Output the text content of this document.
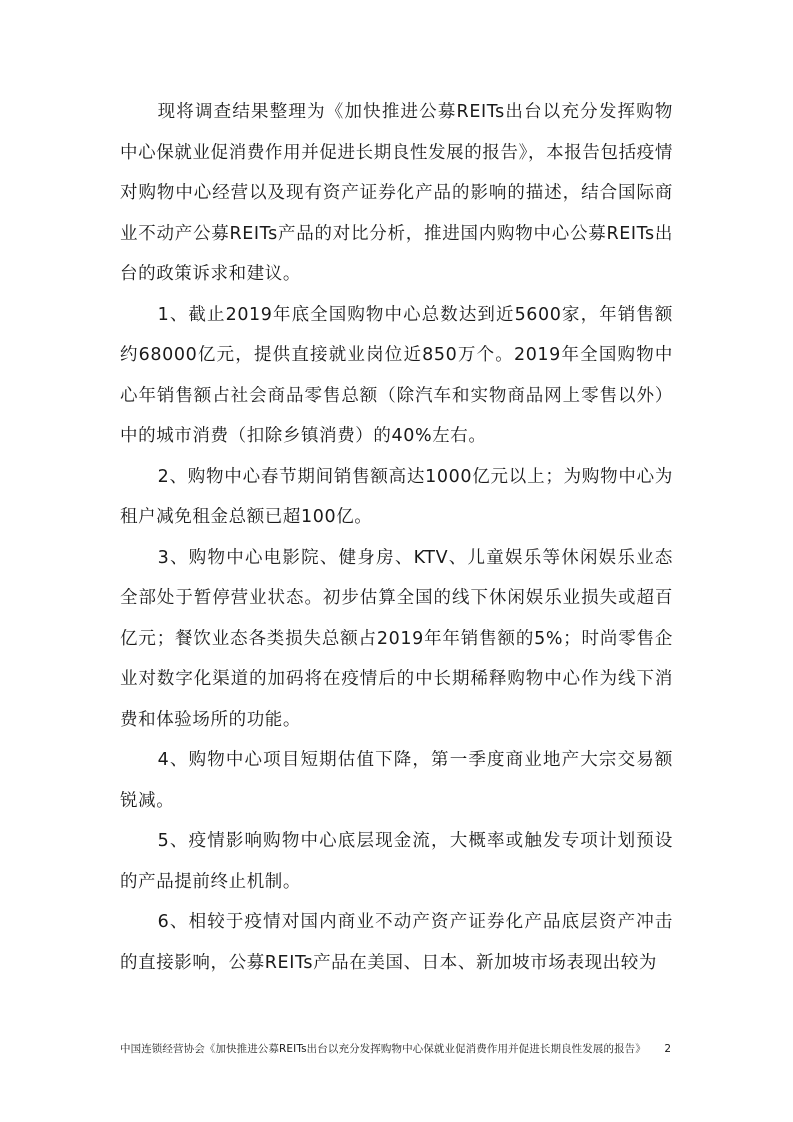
现将调查结果整理为《加快推进公募REITs出台以充分发挥购物中心保就业促消费作用并促进长期良性发展的报告》，本报告包括疫情对购物中心经营以及现有资产证券化产品的影响的描述，结合国际商业不动产公募REITs产品的对比分析，推进国内购物中心公募REITs出台的政策诉求和建议。

1、截止2019年底全国购物中心总数达到近5600家，年销售额约68000亿元，提供直接就业岗位近850万个。2019年全国购物中心年销售额占社会商品零售总额（除汽车和实物商品网上零售以外）中的城市消费（扣除乡镇消费）的40%左右。

2、购物中心春节期间销售额高达1000亿元以上；为购物中心为租户减免租金总额已超100亿。

3、购物中心电影院、健身房、KTV、儿童娱乐等休闲娱乐业态全部处于暂停营业状态。初步估算全国的线下休闲娱乐业损失或超百亿元；餐饮业态各类损失总额占2019年年销售额的5%；时尚零售企业对数字化渠道的加码将在疫情后的中长期稀释购物中心作为线下消费和体验场所的功能。

4、购物中心项目短期估值下降，第一季度商业地产大宗交易额锐减。

5、疫情影响购物中心底层现金流，大概率或触发专项计划预设的产品提前终止机制。

6、相较于疫情对国内商业不动产资产证券化产品底层资产冲击的直接影响，公募REITs产品在美国、日本、新加坡市场表现出较为

中国连锁经营协会《加快推进公募REITs出台以充分发挥购物中心保就业促消费作用并促进长期良性发展的报告》 2
